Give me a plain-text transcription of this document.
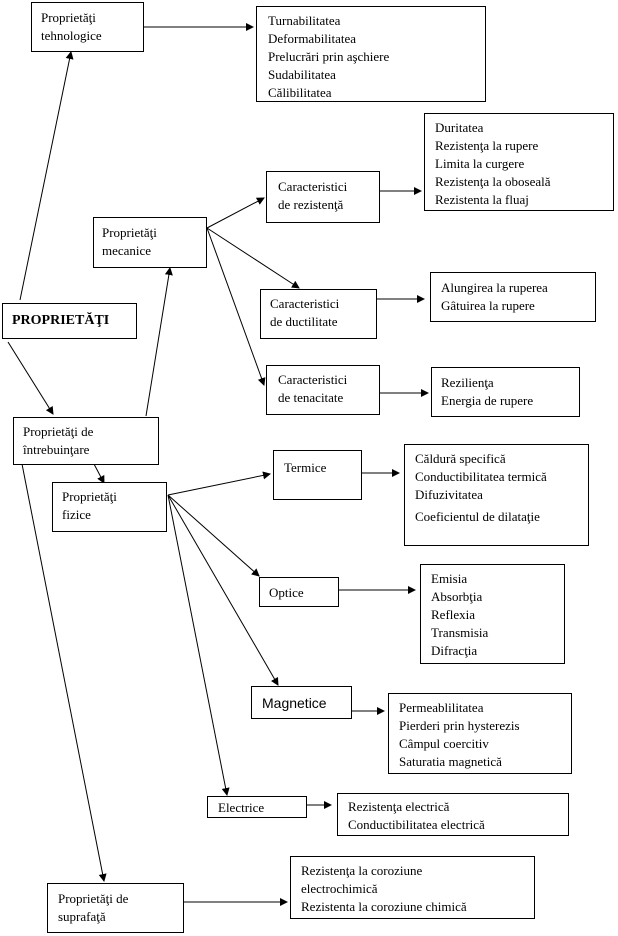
PROPRIETĂŢI
Proprietăţi
tehnologice
Turnabilitatea
Deformabilitatea
Prelucrări prin aşchiere
Sudabilitatea
Călibilitatea
Proprietăţi de
întrebuinţare
Proprietăţi
mecanice
Caracteristici
de rezistenţă
Duritatea
Rezistenţa la rupere
Limita la curgere
Rezistenţa la oboseală
Rezistenta la fluaj
Caracteristici
de ductilitate
Alungirea la ruperea
Gâtuirea la rupere
Caracteristici
de tenacitate
Rezilienţa
Energia de rupere
Proprietăţi
fizice
Termice
Căldură specifică
Conductibilitatea termică
Difuzivitatea
Coeficientul de dilataţie
Optice
Emisia
Absorbţia
Reflexia
Transmisia
Difracţia
Magnetice	Permeablilitatea
Pierderi prin hysterezis
Câmpul coercitiv
Saturatia magnetică
Electrice	Rezistenţa electrică
Conductibilitatea electrică
Proprietăţi de
suprafaţă
Rezistenţa la coroziune
electrochimică
Rezistenta la coroziune chimică
